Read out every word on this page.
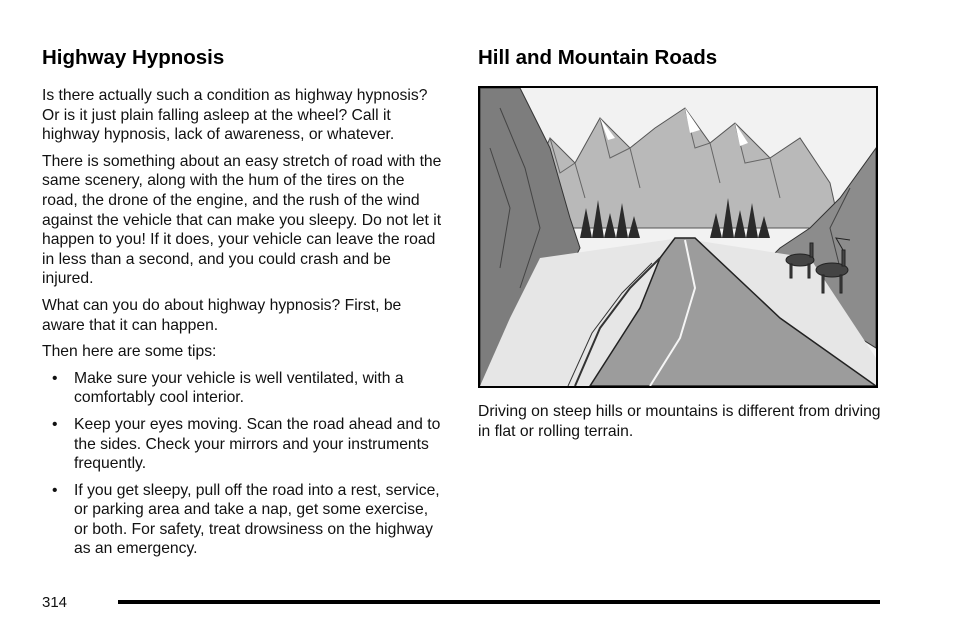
Highway Hypnosis

Is there actually such a condition as highway hypnosis? Or is it just plain falling asleep at the wheel? Call it highway hypnosis, lack of awareness, or whatever.

There is something about an easy stretch of road with the same scenery, along with the hum of the tires on the road, the drone of the engine, and the rush of the wind against the vehicle that can make you sleepy. Do not let it happen to you! If it does, your vehicle can leave the road in less than a second, and you could crash and be injured.

What can you do about highway hypnosis? First, be aware that it can happen.

Then here are some tips:

• Make sure your vehicle is well ventilated, with a comfortably cool interior.
• Keep your eyes moving. Scan the road ahead and to the sides. Check your mirrors and your instruments frequently.
• If you get sleepy, pull off the road into a rest, service, or parking area and take a nap, get some exercise, or both. For safety, treat drowsiness on the highway as an emergency.
Hill and Mountain Roads

Driving on steep hills or mountains is different from driving in flat or rolling terrain.

314
